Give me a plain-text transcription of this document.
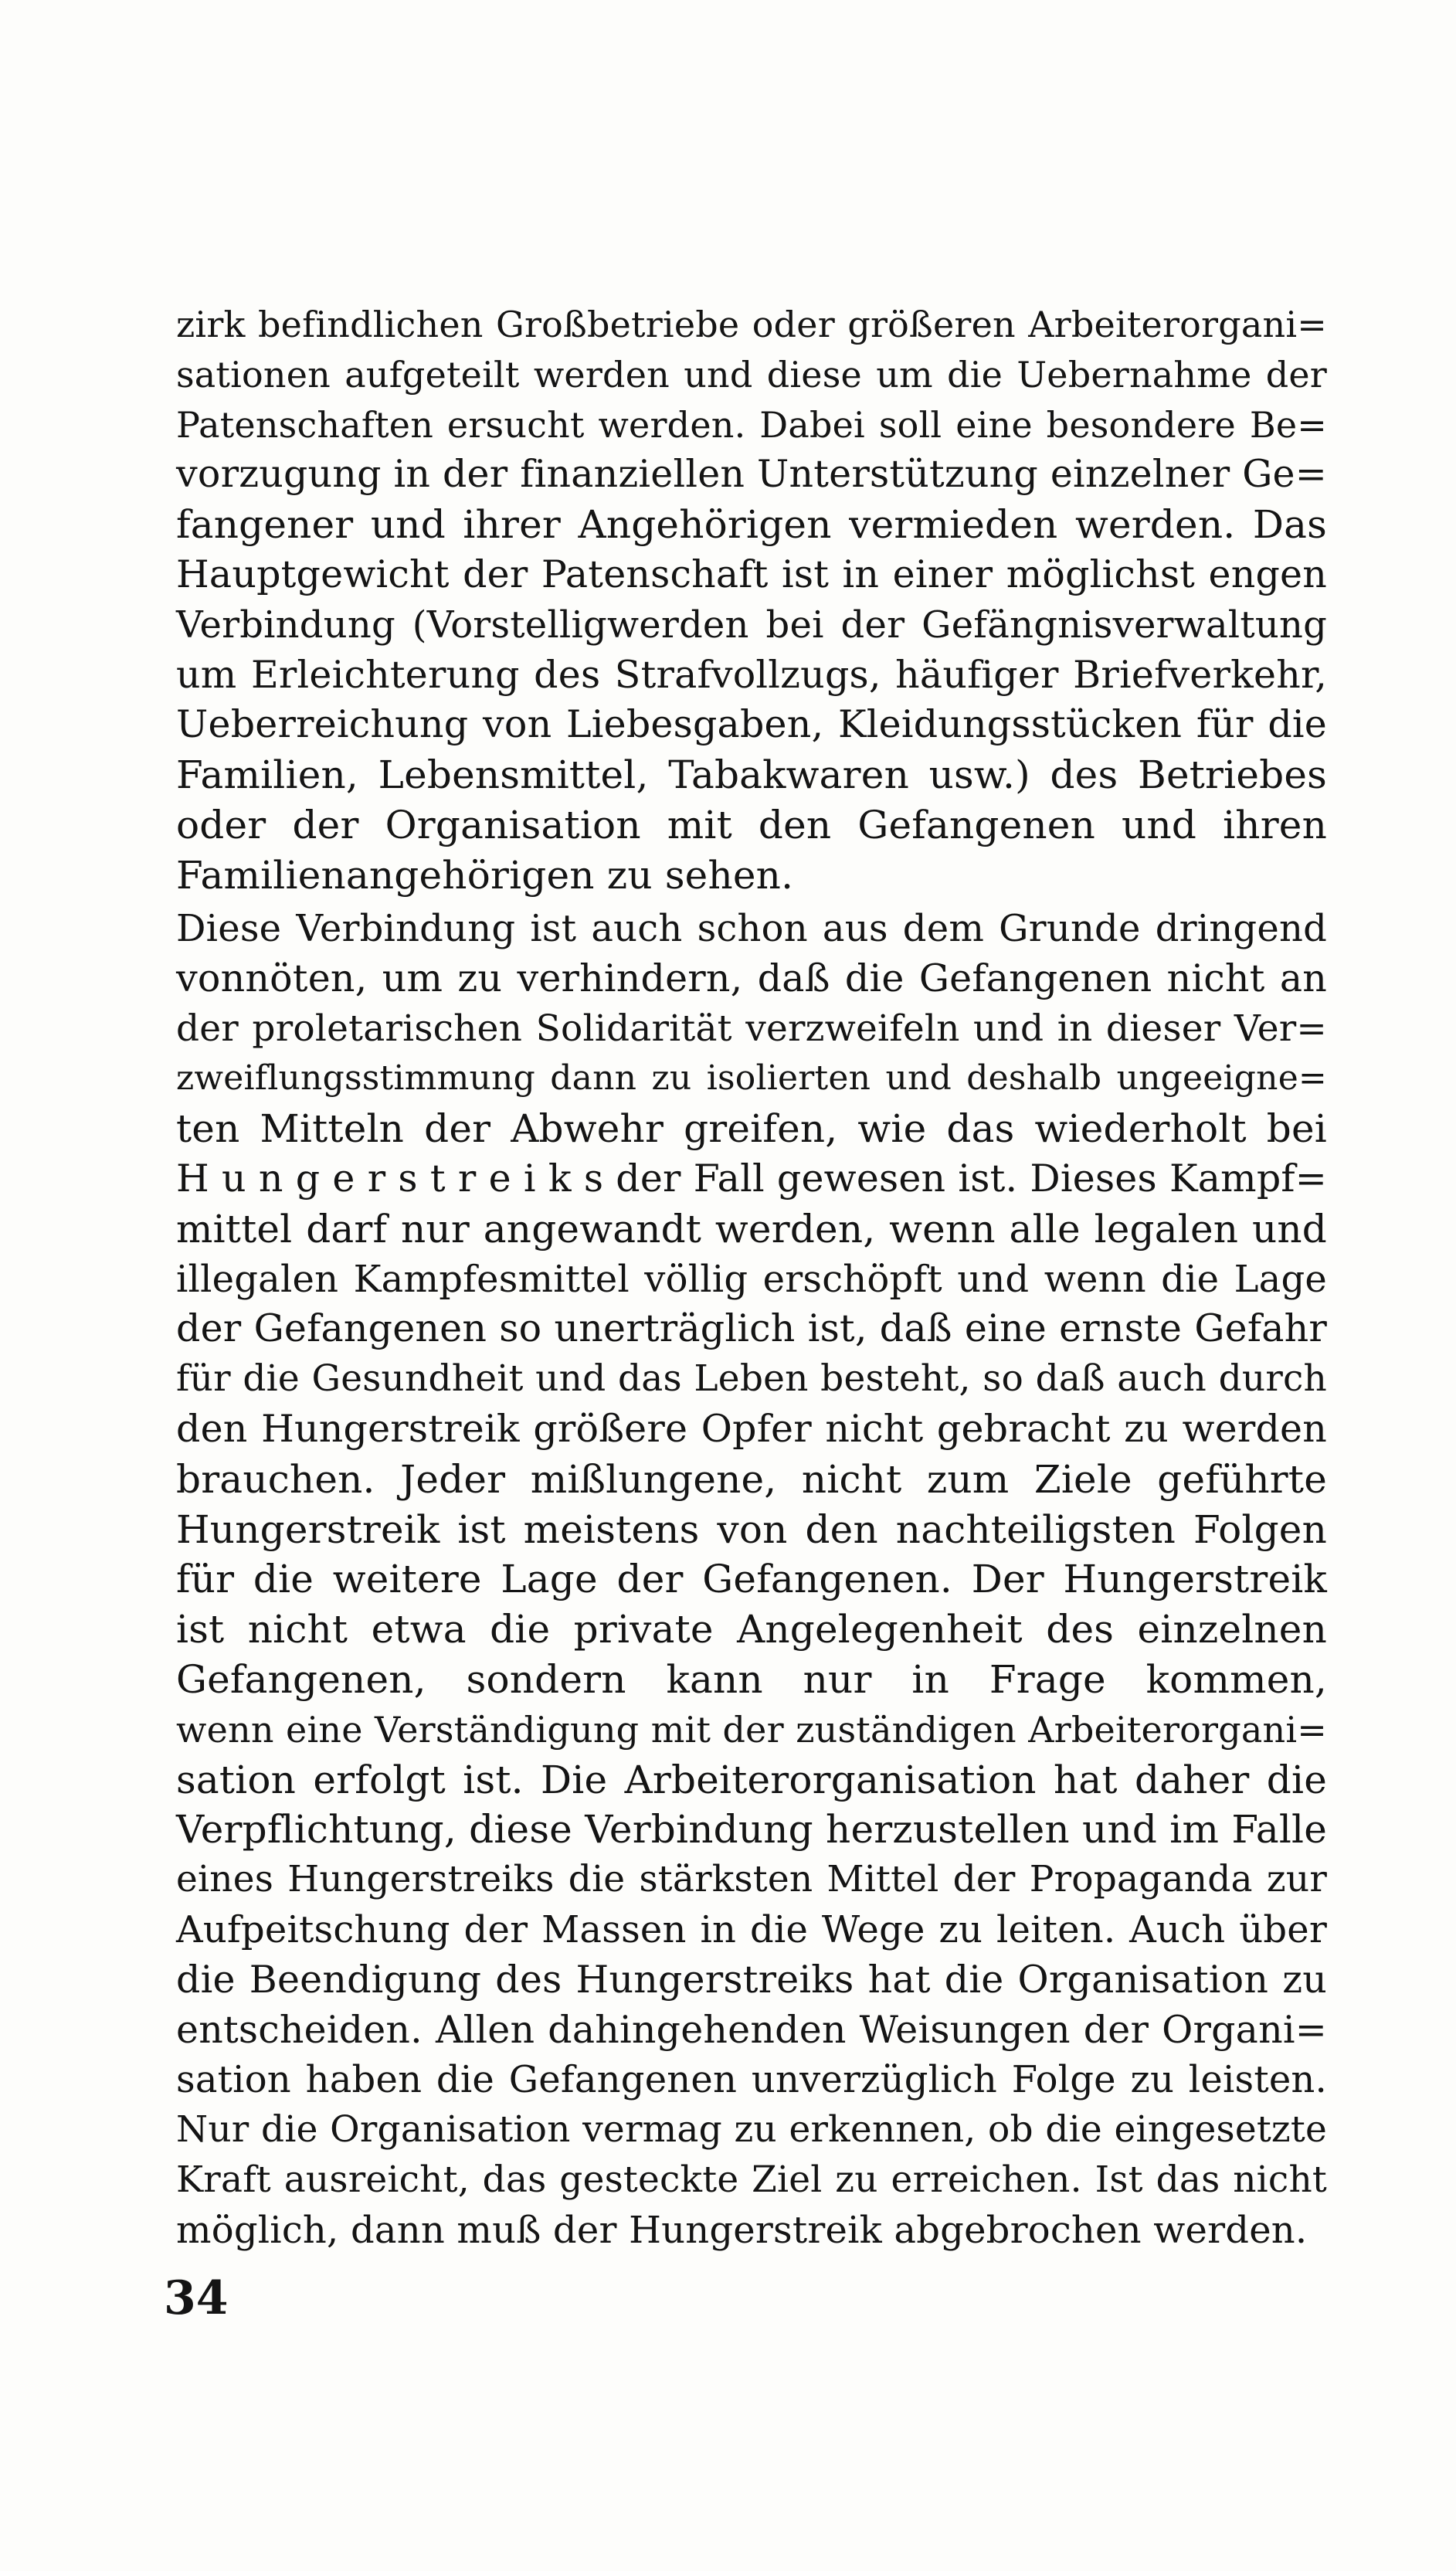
zirk befindlichen Großbetriebe oder größeren Arbeiterorgani=
sationen aufgeteilt werden und diese um die Uebernahme der
Patenschaften ersucht werden. Dabei soll eine besondere Be=
vorzugung in der finanziellen Unterstützung einzelner Ge=
fangener und ihrer Angehörigen vermieden werden. Das
Hauptgewicht der Patenschaft ist in einer möglichst engen
Verbindung (Vorstelligwerden bei der Gefängnisverwaltung
um Erleichterung des Strafvollzugs, häufiger Briefverkehr,
Ueberreichung von Liebesgaben, Kleidungsstücken für die
Familien, Lebensmittel, Tabakwaren usw.) des Betriebes
oder der Organisation mit den Gefangenen und ihren
Familienangehörigen zu sehen.
Diese Verbindung ist auch schon aus dem Grunde dringend
vonnöten, um zu verhindern, daß die Gefangenen nicht an
der proletarischen Solidarität verzweifeln und in dieser Ver=
zweiflungsstimmung dann zu isolierten und deshalb ungeeigne=
ten Mitteln der Abwehr greifen, wie das wiederholt bei
H u n g e r s t r e i k s der Fall gewesen ist. Dieses Kampf=
mittel darf nur angewandt werden, wenn alle legalen und
illegalen Kampfesmittel völlig erschöpft und wenn die Lage
der Gefangenen so unerträglich ist, daß eine ernste Gefahr
für die Gesundheit und das Leben besteht, so daß auch durch
den Hungerstreik größere Opfer nicht gebracht zu werden
brauchen. Jeder mißlungene, nicht zum Ziele geführte
Hungerstreik ist meistens von den nachteiligsten Folgen
für die weitere Lage der Gefangenen. Der Hungerstreik
ist nicht etwa die private Angelegenheit des einzelnen
Gefangenen, sondern kann nur in Frage kommen,
wenn eine Verständigung mit der zuständigen Arbeiterorgani=
sation erfolgt ist. Die Arbeiterorganisation hat daher die
Verpflichtung, diese Verbindung herzustellen und im Falle
eines Hungerstreiks die stärksten Mittel der Propaganda zur
Aufpeitschung der Massen in die Wege zu leiten. Auch über
die Beendigung des Hungerstreiks hat die Organisation zu
entscheiden. Allen dahingehenden Weisungen der Organi=
sation haben die Gefangenen unverzüglich Folge zu leisten.
Nur die Organisation vermag zu erkennen, ob die eingesetzte
Kraft ausreicht, das gesteckte Ziel zu erreichen. Ist das nicht
möglich, dann muß der Hungerstreik abgebrochen werden.
34
